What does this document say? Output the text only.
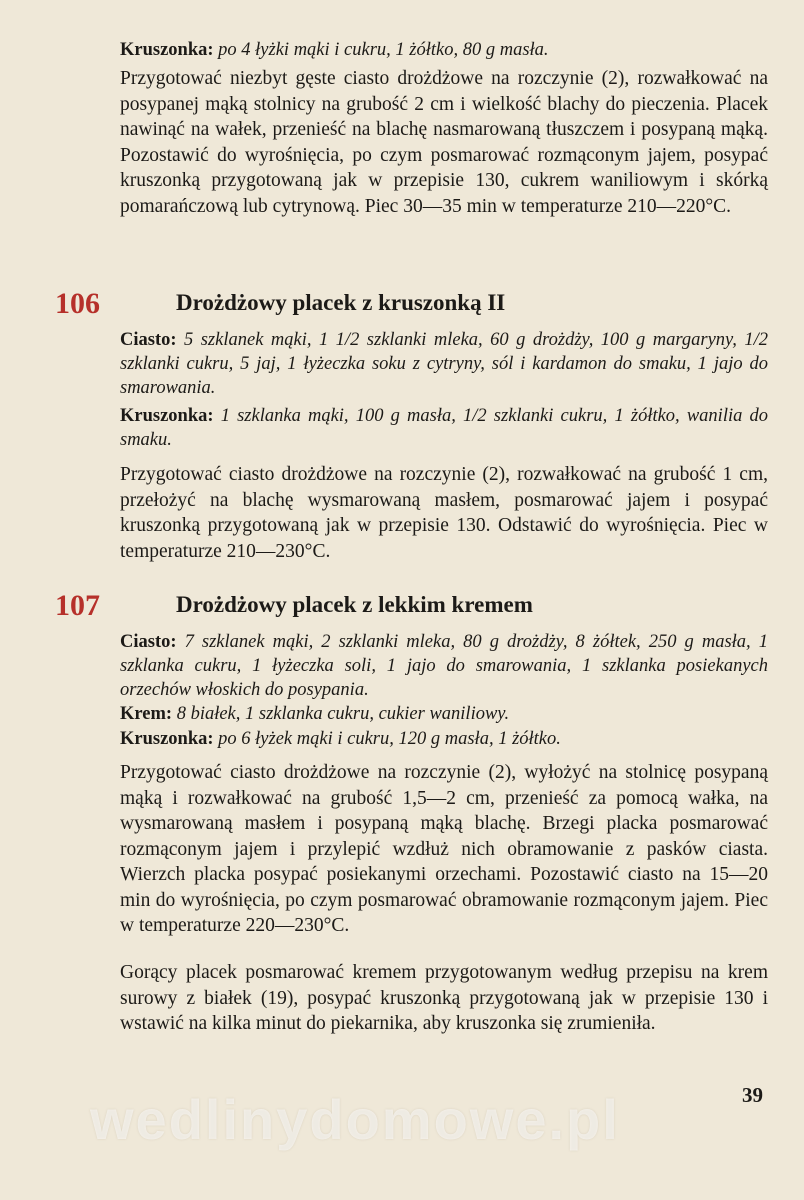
Kruszonka: po 4 łyżki mąki i cukru, 1 żółtko, 80 g masła.

Przygotować niezbyt gęste ciasto drożdżowe na rozczynie (2), rozwałkować na posypanej mąką stolnicy na grubość 2 cm i wielkość blachy do pieczenia. Placek nawinąć na wałek, przenieść na blachę nasmarowaną tłuszczem i posypaną mąką. Pozostawić do wyrośnięcia, po czym posmarować rozmąconym jajem, posypać kruszonką przygotowaną jak w przepisie 130, cukrem waniliowym i skórką pomarańczową lub cytrynową. Piec 30—35 min w temperaturze 210—220°C.

106	Drożdżowy placek z kruszonką II

Ciasto: 5 szklanek mąki, 1 1/2 szklanki mleka, 60 g drożdży, 100 g margaryny, 1/2 szklanki cukru, 5 jaj, 1 łyżeczka soku z cytryny, sól i kardamon do smaku, 1 jajo do smarowania.

Kruszonka: 1 szklanka mąki, 100 g masła, 1/2 szklanki cukru, 1 żółtko, wanilia do smaku.

Przygotować ciasto drożdżowe na rozczynie (2), rozwałkować na grubość 1 cm, przełożyć na blachę wysmarowaną masłem, posmarować jajem i posypać kruszonką przygotowaną jak w przepisie 130. Odstawić do wyrośnięcia. Piec w temperaturze 210—230°C.

107	Drożdżowy placek z lekkim kremem

Ciasto: 7 szklanek mąki, 2 szklanki mleka, 80 g drożdży, 8 żółtek, 250 g masła, 1 szklanka cukru, 1 łyżeczka soli, 1 jajo do smarowania, 1 szklanka posiekanych orzechów włoskich do posypania.

Krem: 8 białek, 1 szklanka cukru, cukier waniliowy.

Kruszonka: po 6 łyżek mąki i cukru, 120 g masła, 1 żółtko.

Przygotować ciasto drożdżowe na rozczynie (2), wyłożyć na stolnicę posypaną mąką i rozwałkować na grubość 1,5—2 cm, przenieść za pomocą wałka, na wysmarowaną masłem i posypaną mąką blachę. Brzegi placka posmarować rozmąconym jajem i przylepić wzdłuż nich obramowanie z pasków ciasta. Wierzch placka posypać posiekanymi orzechami. Pozostawić ciasto na 15—20 min do wyrośnięcia, po czym posmarować obramowanie rozmąconym jajem. Piec w temperaturze 220—230°C.

Gorący placek posmarować kremem przygotowanym według przepisu na krem surowy z białek (19), posypać kruszonką przygotowaną jak w przepisie 130 i wstawić na kilka minut do piekarnika, aby kruszonka się zrumieniła.

wedlinydomowe.pl	39
